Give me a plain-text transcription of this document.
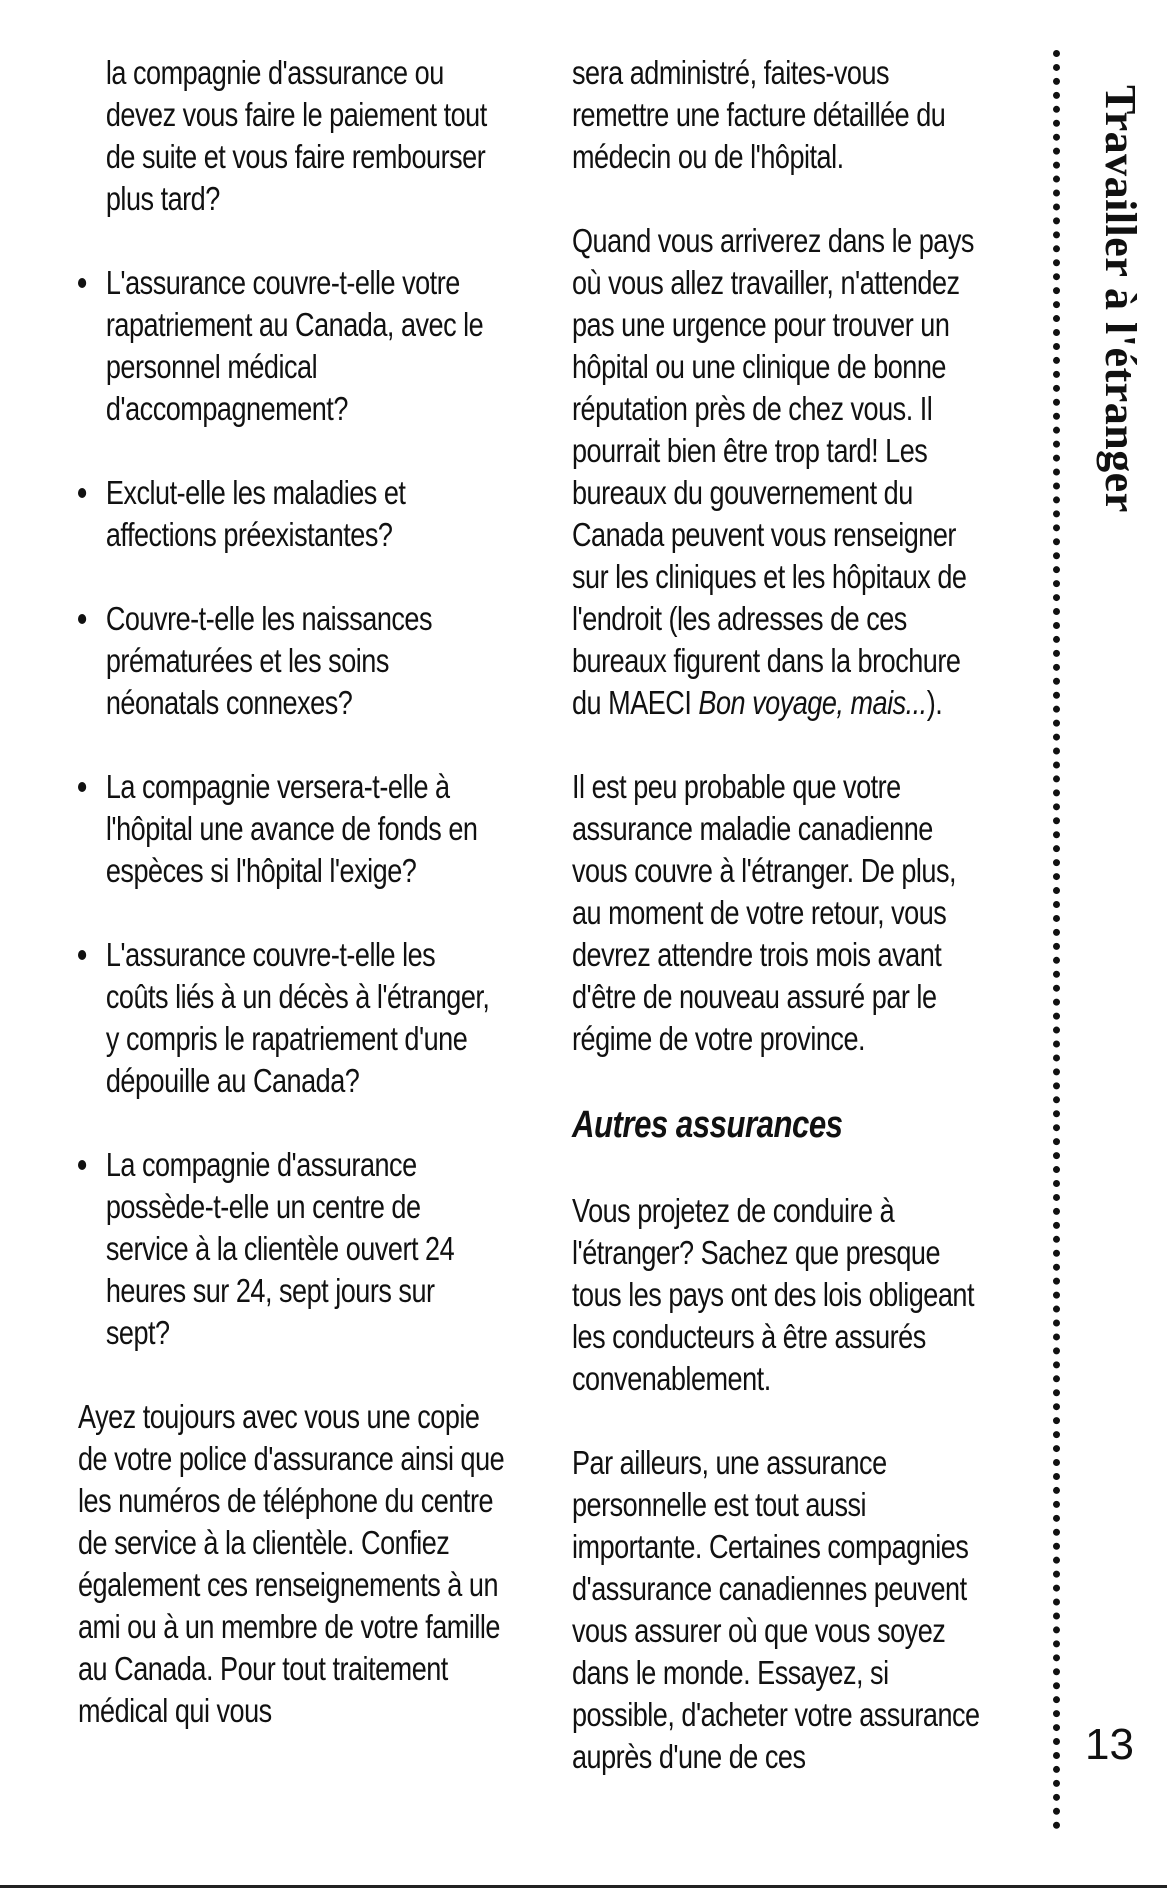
la compagnie d'assurance ou devez vous faire le paiement tout de suite et vous faire rembourser plus tard?

L'assurance couvre-t-elle votre rapatriement au Canada, avec le personnel médical d'accompagnement?
Exclut-elle les maladies et affections préexistantes?
Couvre-t-elle les naissances prématurées et les soins néonatals connexes?
La compagnie versera-t-elle à l'hôpital une avance de fonds en espèces si l'hôpital l'exige?
L'assurance couvre-t-elle les coûts liés à un décès à l'étranger, y compris le rapatriement d'une dépouille au Canada?
La compagnie d'assurance possède-t-elle un centre de service à la clientèle ouvert 24 heures sur 24, sept jours sur sept?

Ayez toujours avec vous une copie de votre police d'assurance ainsi que les numéros de téléphone du centre de service à la clientèle. Confiez également ces renseignements à un ami ou à un membre de votre famille au Canada. Pour tout traitement médical qui vous

sera administré, faites-vous remettre une facture détaillée du médecin ou de l'hôpital.

Quand vous arriverez dans le pays où vous allez travailler, n'attendez pas une urgence pour trouver un hôpital ou une clinique de bonne réputation près de chez vous. Il pourrait bien être trop tard! Les bureaux du gouvernement du Canada peuvent vous renseigner sur les cliniques et les hôpitaux de l'endroit (les adresses de ces bureaux figurent dans la brochure du MAECI Bon voyage, mais...).

Il est peu probable que votre assurance maladie canadienne vous couvre à l'étranger. De plus, au moment de votre retour, vous devrez attendre trois mois avant d'être de nouveau assuré par le régime de votre province.

Autres assurances

Vous projetez de conduire à l'étranger? Sachez que presque tous les pays ont des lois obligeant les conducteurs à être assurés convenablement.

Par ailleurs, une assurance personnelle est tout aussi importante. Certaines compagnies d'assurance canadiennes peuvent vous assurer où que vous soyez dans le monde. Essayez, si possible, d'acheter votre assurance auprès d'une de ces

Travailler à l'étranger
13
